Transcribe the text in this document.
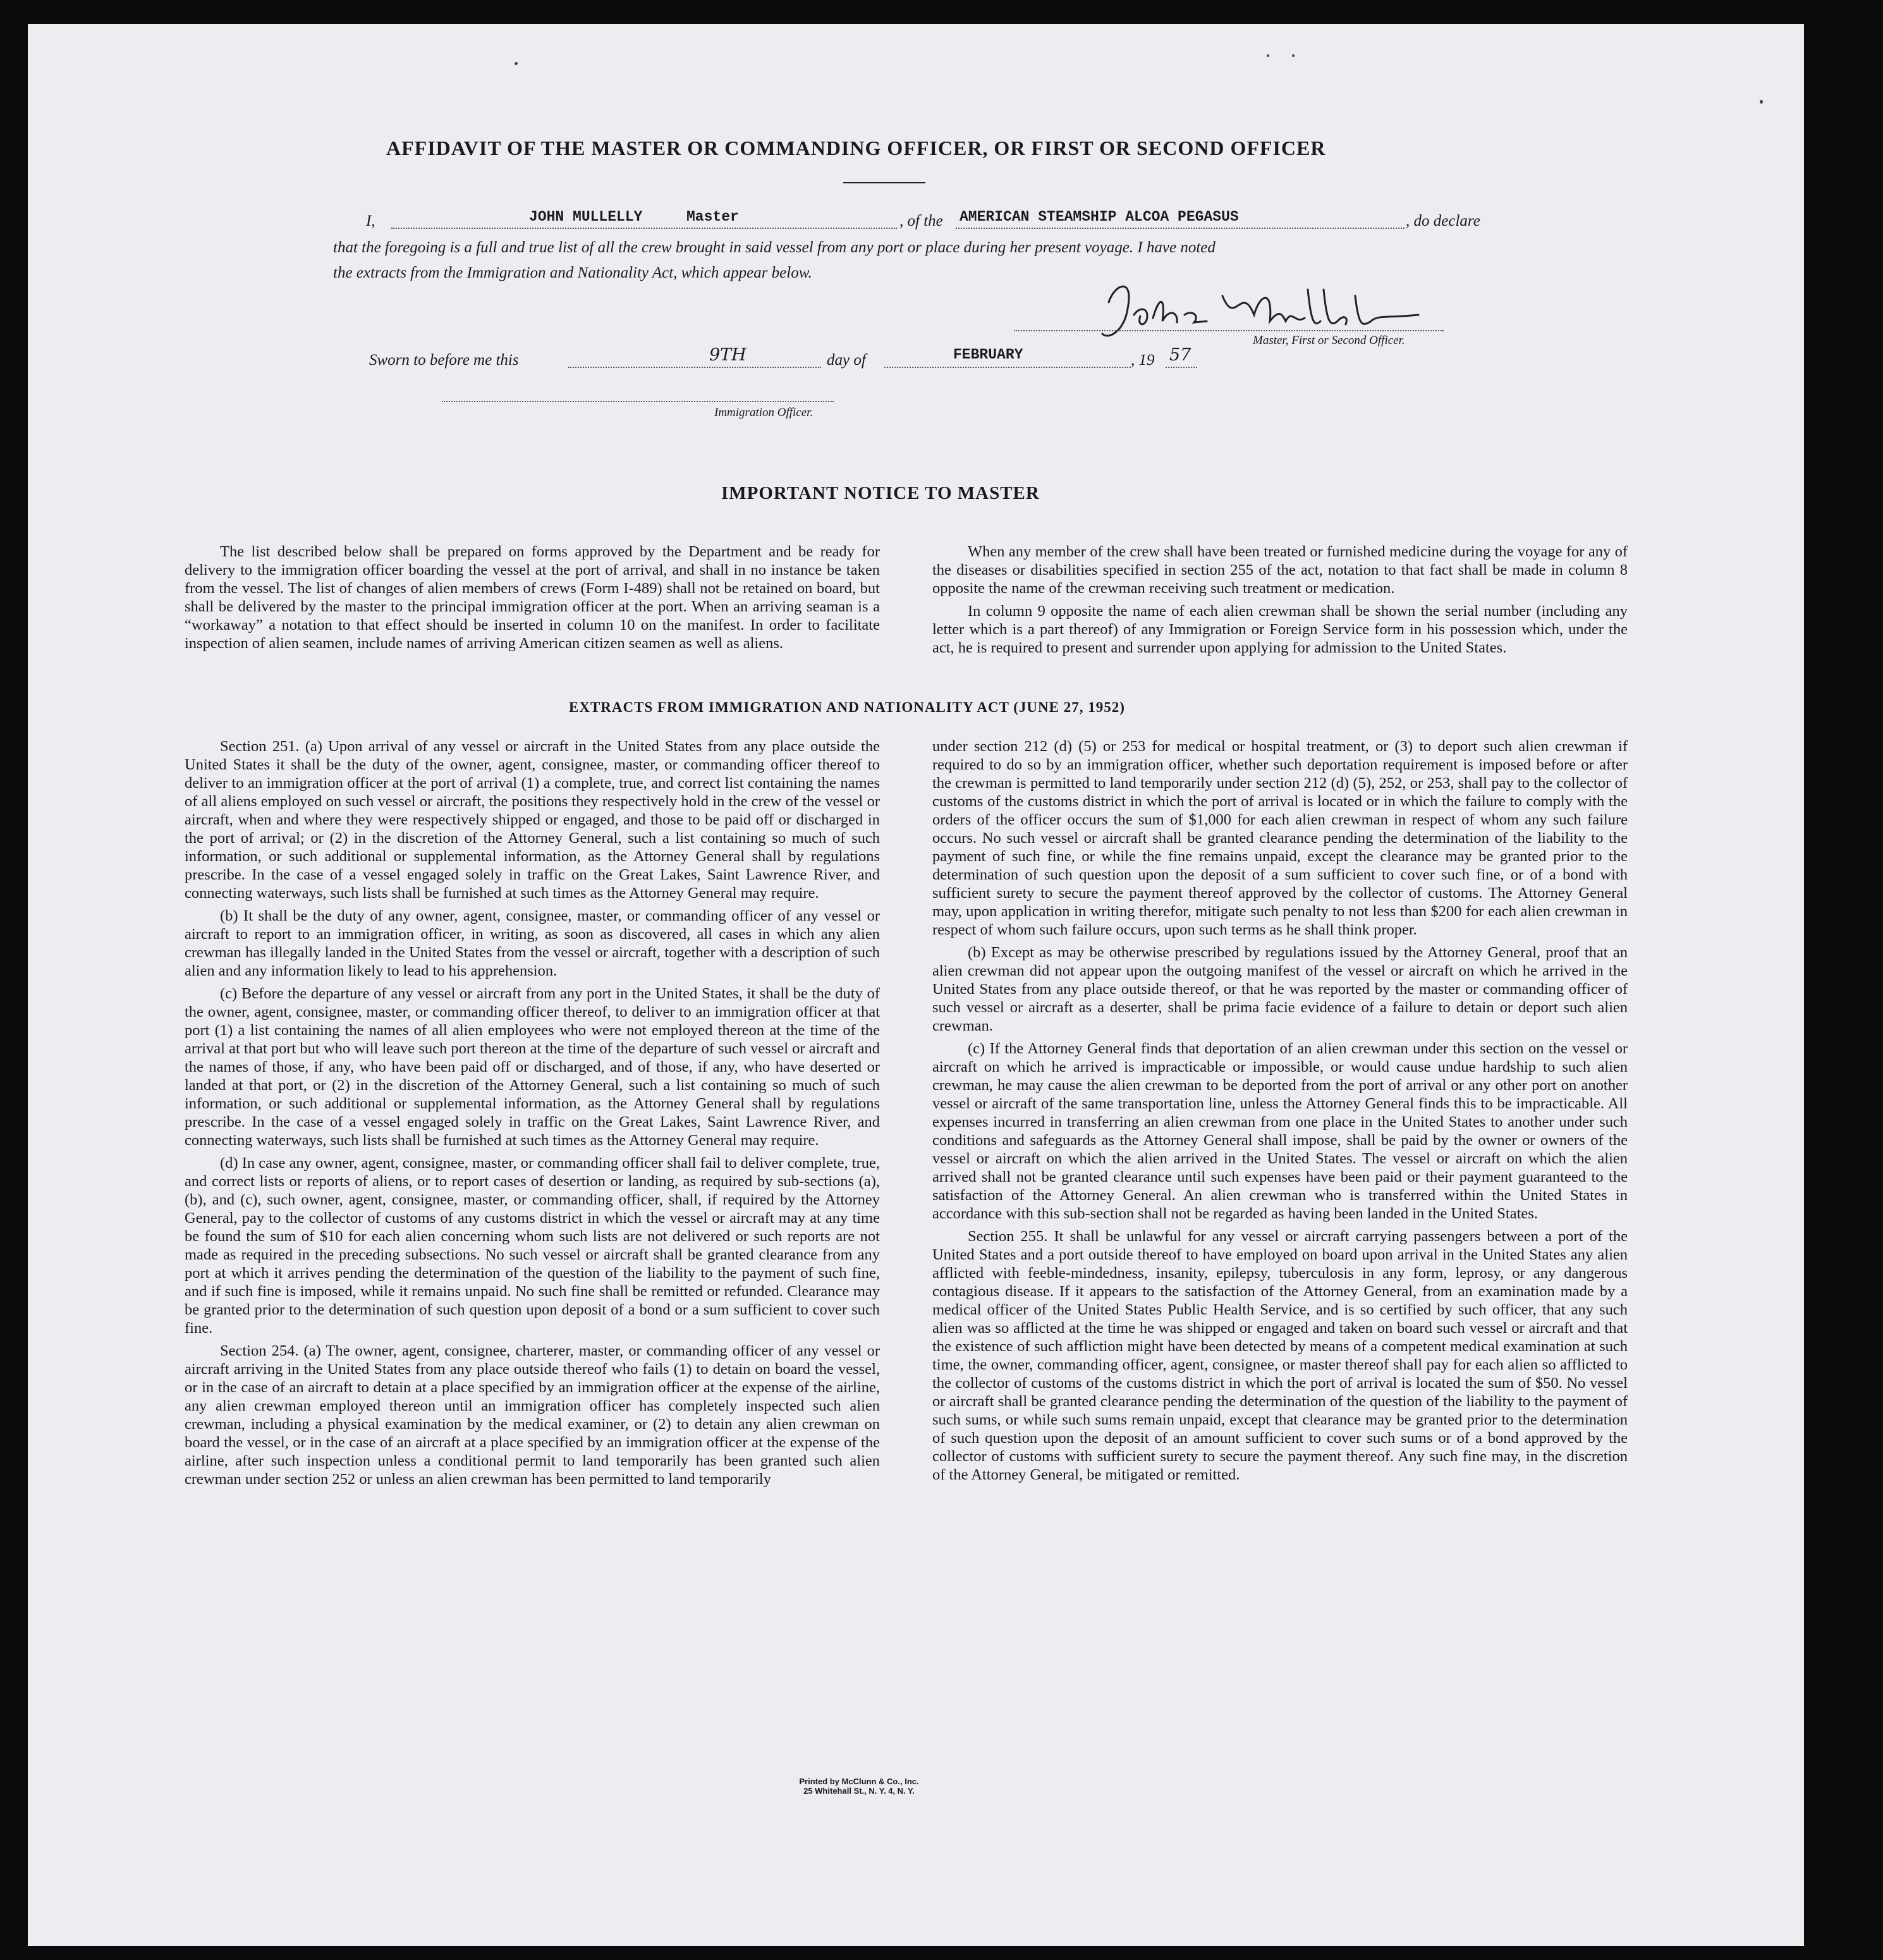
AFFIDAVIT OF THE MASTER OR COMMANDING OFFICER, OR FIRST OR SECOND OFFICER
I,	JOHN MULLELLY	Master	, of the AMERICAN STEAMSHIP ALCOA PEGASUS	, do declare
that the foregoing is a full and true list of all the crew brought in said vessel from any port or place during her present voyage. I have noted
the extracts from the Immigration and Nationality Act, which appear below.
Master, First or Second Officer.
Sworn to before me this	9TH	day of	FEBRUARY	, 19 57
Immigration Officer.
IMPORTANT NOTICE TO MASTER

The list described below shall be prepared on forms approved by the Department and be ready for delivery to the immigration officer boarding the vessel at the port of arrival, and shall in no instance be taken from the vessel. The list of changes of alien members of crews (Form I-489) shall not be retained on board, but shall be delivered by the master to the principal immigration officer at the port. When an arriving seaman is a “workaway” a notation to that effect should be inserted in column 10 on the manifest. In order to facilitate inspection of alien seamen, include names of arriving American citizen seamen as well as aliens.

When any member of the crew shall have been treated or furnished medicine during the voyage for any of the diseases or disabilities specified in section 255 of the act, notation to that fact shall be made in column 8 opposite the name of the crewman receiving such treatment or medication.

In column 9 opposite the name of each alien crewman shall be shown the serial number (including any letter which is a part thereof) of any Immigration or Foreign Service form in his possession which, under the act, he is required to present and surrender upon applying for admission to the United States.

EXTRACTS FROM IMMIGRATION AND NATIONALITY ACT (JUNE 27, 1952)

Section 251. (a) Upon arrival of any vessel or aircraft in the United States from any place outside the United States it shall be the duty of the owner, agent, consignee, master, or commanding officer thereof to deliver to an immigration officer at the port of arrival (1) a complete, true, and correct list containing the names of all aliens employed on such vessel or aircraft, the positions they respectively hold in the crew of the vessel or aircraft, when and where they were respectively shipped or engaged, and those to be paid off or discharged in the port of arrival; or (2) in the discretion of the Attorney General, such a list containing so much of such information, or such additional or supplemental information, as the Attorney General shall by regulations prescribe. In the case of a vessel engaged solely in traffic on the Great Lakes, Saint Lawrence River, and connecting waterways, such lists shall be furnished at such times as the Attorney General may require.

(b) It shall be the duty of any owner, agent, consignee, master, or commanding officer of any vessel or aircraft to report to an immigration officer, in writing, as soon as discovered, all cases in which any alien crewman has illegally landed in the United States from the vessel or aircraft, together with a description of such alien and any information likely to lead to his apprehension.

(c) Before the departure of any vessel or aircraft from any port in the United States, it shall be the duty of the owner, agent, consignee, master, or commanding officer thereof, to deliver to an immigration officer at that port (1) a list containing the names of all alien employees who were not employed thereon at the time of the arrival at that port but who will leave such port thereon at the time of the departure of such vessel or aircraft and the names of those, if any, who have been paid off or discharged, and of those, if any, who have deserted or landed at that port, or (2) in the discretion of the Attorney General, such a list containing so much of such information, or such additional or supplemental information, as the Attorney General shall by regulations prescribe. In the case of a vessel engaged solely in traffic on the Great Lakes, Saint Lawrence River, and connecting waterways, such lists shall be furnished at such times as the Attorney General may require.

(d) In case any owner, agent, consignee, master, or commanding officer shall fail to deliver complete, true, and correct lists or reports of aliens, or to report cases of desertion or landing, as required by sub-sections (a), (b), and (c), such owner, agent, consignee, master, or commanding officer, shall, if required by the Attorney General, pay to the collector of customs of any customs district in which the vessel or aircraft may at any time be found the sum of $10 for each alien concerning whom such lists are not delivered or such reports are not made as required in the preceding subsections. No such vessel or aircraft shall be granted clearance from any port at which it arrives pending the determination of the question of the liability to the payment of such fine, and if such fine is imposed, while it remains unpaid. No such fine shall be remitted or refunded. Clearance may be granted prior to the determination of such question upon deposit of a bond or a sum sufficient to cover such fine.

Section 254. (a) The owner, agent, consignee, charterer, master, or commanding officer of any vessel or aircraft arriving in the United States from any place outside thereof who fails (1) to detain on board the vessel, or in the case of an aircraft to detain at a place specified by an immigration officer at the expense of the airline, any alien crewman employed thereon until an immigration officer has completely inspected such alien crewman, including a physical examination by the medical examiner, or (2) to detain any alien crewman on board the vessel, or in the case of an aircraft at a place specified by an immigration officer at the expense of the airline, after such inspection unless a conditional permit to land temporarily has been granted such alien crewman under section 252 or unless an alien crewman has been permitted to land temporarily

under section 212 (d) (5) or 253 for medical or hospital treatment, or (3) to deport such alien crewman if required to do so by an immigration officer, whether such deportation requirement is imposed before or after the crewman is permitted to land temporarily under section 212 (d) (5), 252, or 253, shall pay to the collector of customs of the customs district in which the port of arrival is located or in which the failure to comply with the orders of the officer occurs the sum of $1,000 for each alien crewman in respect of whom any such failure occurs. No such vessel or aircraft shall be granted clearance pending the determination of the liability to the payment of such fine, or while the fine remains unpaid, except the clearance may be granted prior to the determination of such question upon the deposit of a sum sufficient to cover such fine, or of a bond with sufficient surety to secure the payment thereof approved by the collector of customs. The Attorney General may, upon application in writing therefor, mitigate such penalty to not less than $200 for each alien crewman in respect of whom such failure occurs, upon such terms as he shall think proper.

(b) Except as may be otherwise prescribed by regulations issued by the Attorney General, proof that an alien crewman did not appear upon the outgoing manifest of the vessel or aircraft on which he arrived in the United States from any place outside thereof, or that he was reported by the master or commanding officer of such vessel or aircraft as a deserter, shall be prima facie evidence of a failure to detain or deport such alien crewman.

(c) If the Attorney General finds that deportation of an alien crewman under this section on the vessel or aircraft on which he arrived is impracticable or impossible, or would cause undue hardship to such alien crewman, he may cause the alien crewman to be deported from the port of arrival or any other port on another vessel or aircraft of the same transportation line, unless the Attorney General finds this to be impracticable. All expenses incurred in transferring an alien crewman from one place in the United States to another under such conditions and safeguards as the Attorney General shall impose, shall be paid by the owner or owners of the vessel or aircraft on which the alien arrived in the United States. The vessel or aircraft on which the alien arrived shall not be granted clearance until such expenses have been paid or their payment guaranteed to the satisfaction of the Attorney General. An alien crewman who is transferred within the United States in accordance with this sub-section shall not be regarded as having been landed in the United States.

Section 255. It shall be unlawful for any vessel or aircraft carrying passengers between a port of the United States and a port outside thereof to have employed on board upon arrival in the United States any alien afflicted with feeble-mindedness, insanity, epilepsy, tuberculosis in any form, leprosy, or any dangerous contagious disease. If it appears to the satisfaction of the Attorney General, from an examination made by a medical officer of the United States Public Health Service, and is so certified by such officer, that any such alien was so afflicted at the time he was shipped or engaged and taken on board such vessel or aircraft and that the existence of such affliction might have been detected by means of a competent medical examination at such time, the owner, commanding officer, agent, consignee, or master thereof shall pay for each alien so afflicted to the collector of customs of the customs district in which the port of arrival is located the sum of $50. No vessel or aircraft shall be granted clearance pending the determination of the question of the liability to the payment of such sums, or while such sums remain unpaid, except that clearance may be granted prior to the determination of such question upon the deposit of an amount sufficient to cover such sums or of a bond approved by the collector of customs with sufficient surety to secure the payment thereof. Any such fine may, in the discretion of the Attorney General, be mitigated or remitted.

Printed by McClunn & Co., Inc.
25 Whitehall St., N. Y. 4, N. Y.
